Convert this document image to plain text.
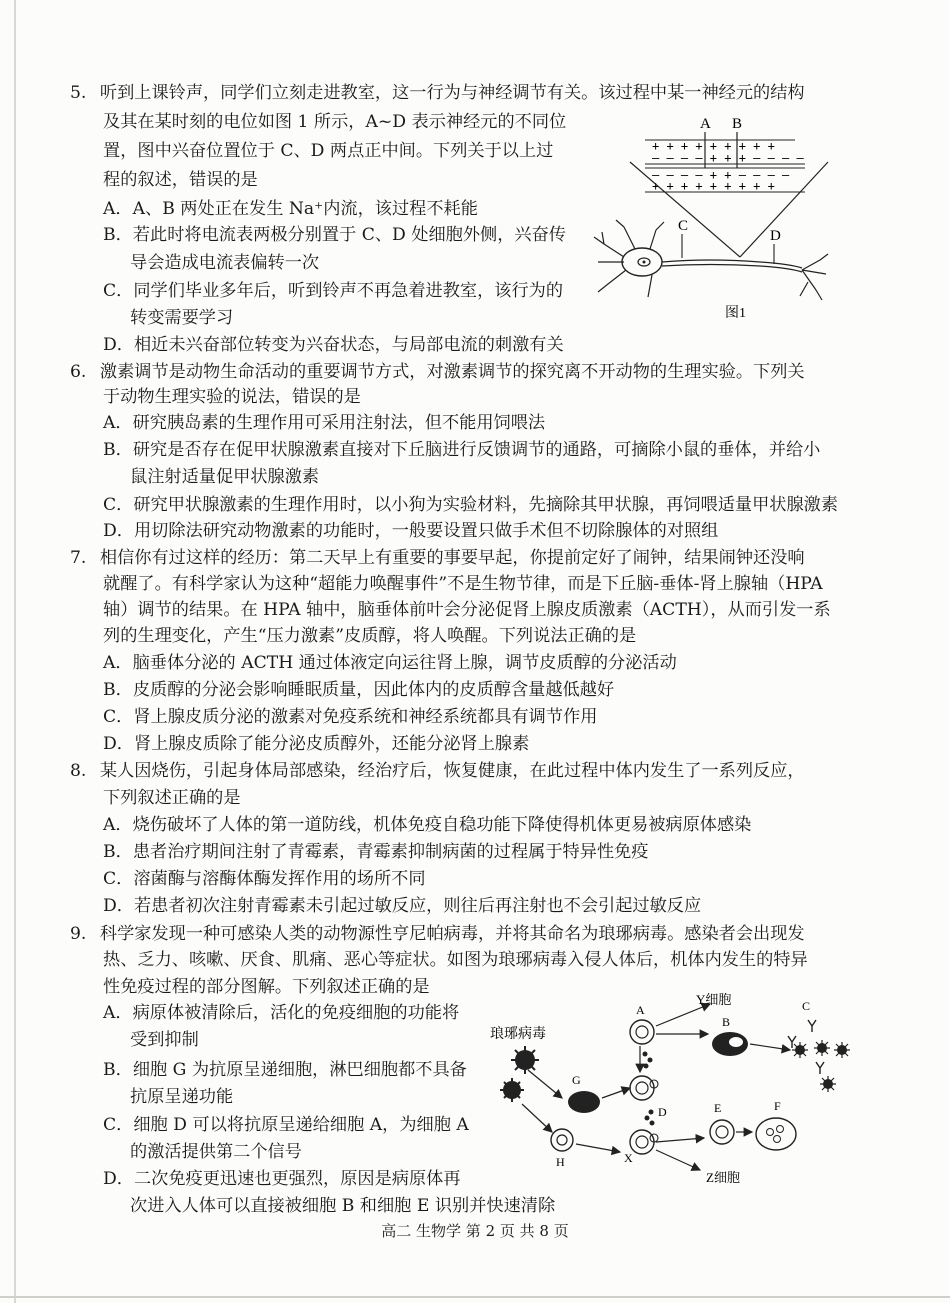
5. 听到上课铃声，同学们立刻走进教室，这一行为与神经调节有关。该过程中某一神经元的结构
及其在某时刻的电位如图 1 所示，A~D 表示神经元的不同位
置，图中兴奋位置位于 C、D 两点正中间。下列关于以上过
程的叙述，错误的是
A．A、B 两处正在发生 Na⁺内流，该过程不耗能
B．若此时将电流表两极分别置于 C、D 处细胞外侧，兴奋传
导会造成电流表偏转一次
C．同学们毕业多年后，听到铃声不再急着进教室，该行为的
转变需要学习
D．相近未兴奋部位转变为兴奋状态，与局部电流的刺激有关
A B
+ + + + + + + + +
– – – – + + + – – – –
– – – – + + – – – –
+ + + + + + + + +
C
D
图1
6. 激素调节是动物生命活动的重要调节方式，对激素调节的探究离不开动物的生理实验。下列关
于动物生理实验的说法，错误的是
A．研究胰岛素的生理作用可采用注射法，但不能用饲喂法
B．研究是否存在促甲状腺激素直接对下丘脑进行反馈调节的通路，可摘除小鼠的垂体，并给小
鼠注射适量促甲状腺激素
C．研究甲状腺激素的生理作用时，以小狗为实验材料，先摘除其甲状腺，再饲喂适量甲状腺激素
D．用切除法研究动物激素的功能时，一般要设置只做手术但不切除腺体的对照组
7. 相信你有过这样的经历：第二天早上有重要的事要早起，你提前定好了闹钟，结果闹钟还没响
就醒了。有科学家认为这种“超能力唤醒事件”不是生物节律，而是下丘脑-垂体-肾上腺轴（HPA
轴）调节的结果。在 HPA 轴中，脑垂体前叶会分泌促肾上腺皮质激素（ACTH），从而引发一系
列的生理变化，产生“压力激素”皮质醇，将人唤醒。下列说法正确的是
A．脑垂体分泌的 ACTH 通过体液定向运往肾上腺，调节皮质醇的分泌活动
B．皮质醇的分泌会影响睡眠质量，因此体内的皮质醇含量越低越好
C．肾上腺皮质分泌的激素对免疫系统和神经系统都具有调节作用
D．肾上腺皮质除了能分泌皮质醇外，还能分泌肾上腺素
8. 某人因烧伤，引起身体局部感染，经治疗后，恢复健康，在此过程中体内发生了一系列反应，
下列叙述正确的是
A．烧伤破坏了人体的第一道防线，机体免疫自稳功能下降使得机体更易被病原体感染
B．患者治疗期间注射了青霉素，青霉素抑制病菌的过程属于特异性免疫
C．溶菌酶与溶酶体酶发挥作用的场所不同
D．若患者初次注射青霉素未引起过敏反应，则往后再注射也不会引起过敏反应
9. 科学家发现一种可感染人类的动物源性亨尼帕病毒，并将其命名为琅琊病毒。感染者会出现发
热、乏力、咳嗽、厌食、肌痛、恶心等症状。如图为琅琊病毒入侵人体后，机体内发生的特异
性免疫过程的部分图解。下列叙述正确的是
A．病原体被清除后，活化的免疫细胞的功能将
受到抑制
B．细胞 G 为抗原呈递细胞，淋巴细胞都不具备
抗原呈递功能
C．细胞 D 可以将抗原呈递给细胞 A，为细胞 A
的激活提供第二个信号
D．二次免疫更迅速也更强烈，原因是病原体再
次进入人体可以直接被细胞 B 和细胞 E 识别并快速清除
琅琊病毒
G
A
D
Y细胞
B
C
H	X
E	F
Z细胞
高二 生物学 第 2 页 共 8 页
